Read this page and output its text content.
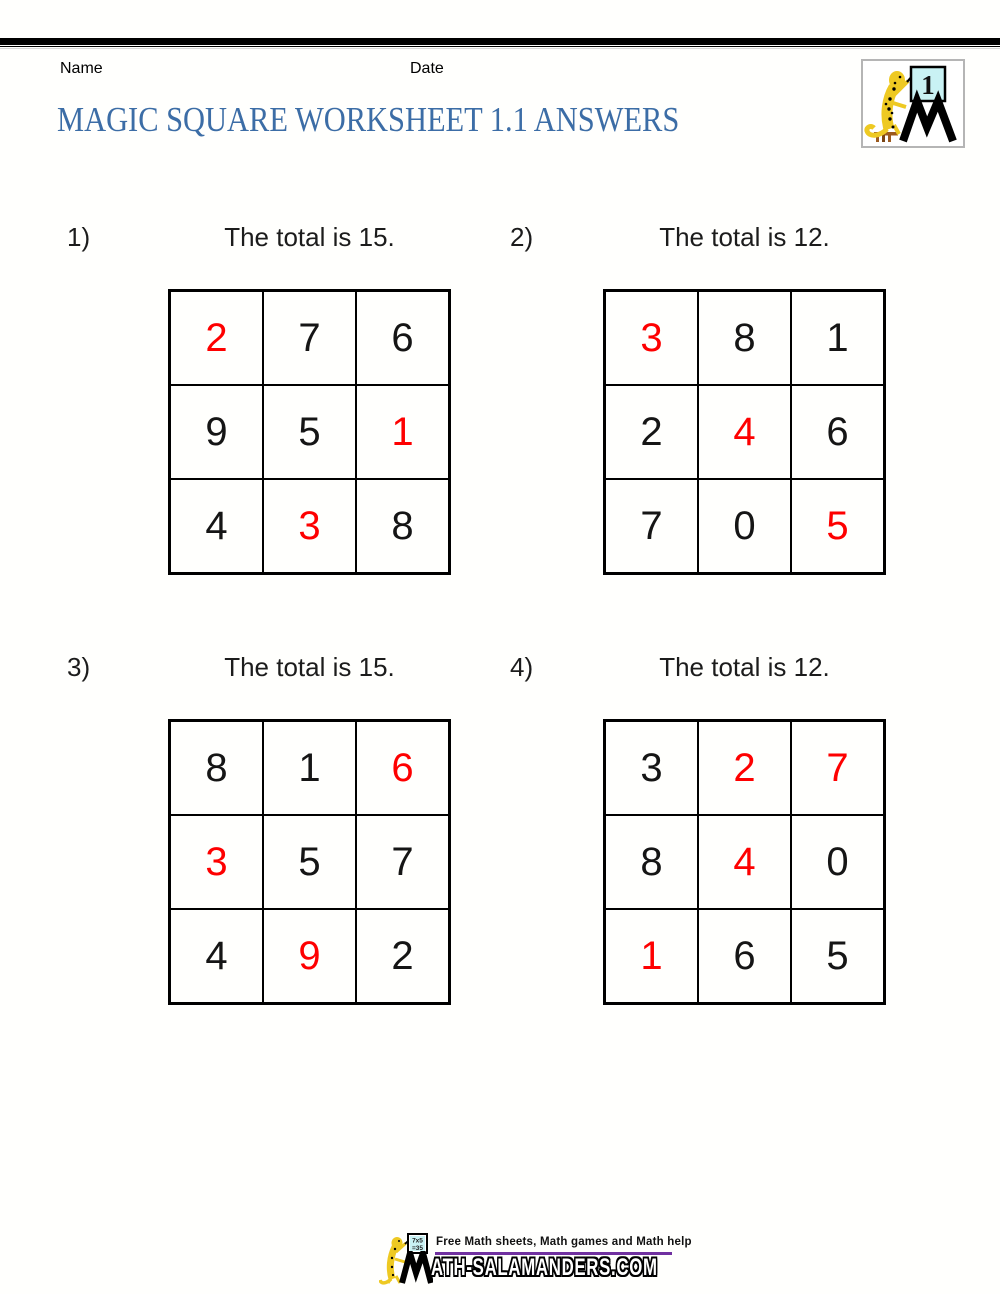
Name	Date
MAGIC SQUARE WORKSHEET 1.1 ANSWERS
1
1)	The total is 15.
2	7	6
9	5	1
4	3	8
2)	The total is 12.
3	8	1
2	4	6
7	0	5
3)	The total is 15.
8	1	6
3	5	7
4	9	2
4)	The total is 12.
3	2	7
8	4	0
1	6	5
7x5
=35
Free Math sheets, Math games and Math help
ATH-SALAMANDERS.COM
